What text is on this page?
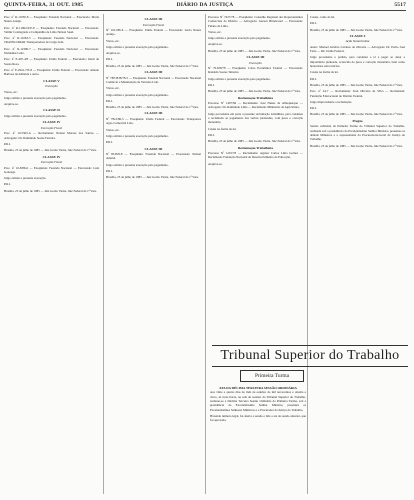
QUINTA-FEIRA, 31 OUT. 1985	DIÁRIO DA JUSTIÇA	5517

Proc. nº R-11050-8 — Exeqüente: Fazenda Nacional — Executado: Maria Neuza Araújo.

Proc. nº R-11062-9/E-8 — Exeqüente: Fazenda Nacional — Executado: Valmir Colalegrado e Companhia de Lidio Nelson Saud.

Proc. nº R-11063-5 — Exeqüente: Fazenda Nacional — Executado: TRANSCOMAR Transportadora de Carga Ltda.

Proc. nº R-12300-7 — Exeqüente: Fazenda Nacional — Executado: Waldemar Leite.

Proc. nº E-497-4/8 — Exeqüente: União Federal — Executado: Ianrir de Souza Rosa.

Proc. nº E-2941-7/E-8 — Exeqüente: União Federal — Executado: Amado Barbosa de Almeida e outro.

CLASSE V

Execução

Vistos, etc.

Julgo extinta a presente execução pelo pagamento.

Arquive-se.

CLASSE II

Julgo extinta a presente execução pelo pagamento.

CLASSE IV

Execução Fiscal

Proc. nº 10.5563-A — Reclamante: Nelson Moraes dos Santos — Advogado: Dr. Raimundo Souza Ferreira.

P.R.I.

Brasília, 25 de julho de 1985 — Juiz Gerdo Vieira, Juiz Federal da 1ª Vara.

CLASSE IV

Execução Fiscal

Proc. nº 16-8/86-6 — Exeqüente: Fazenda Nacional — Executado: Luiz Gonzaga.

Julgo extinta a presente execução.

P.R.I.

Brasília, 25 de julho de 1985 — Juiz Gerdo Vieira, Juiz Federal da 1ª Vara.

CLASSE III

Execução Fiscal

Nº 1611/86-6 — Exeqüente: União Federal — Executado: Lúcia Neuza Araújo.

Vistos, etc.

Julgo extinta a presente execução pelo pagamento.

Arquive-se.

P.R.I.

Brasília, 25 de julho de 1985 — Juiz Gerdo Vieira, Juiz Federal da 1ª Vara.

CLASSE III

Nº 7B7-B38/78-5 — Exeqüente: Fazenda Nacional — Executada: Nacional Comércio e Manutenção de Veículos Ltda.

Vistos, etc.

Julgo extinta a presente execução pelo pagamento.

P.R.I.

Brasília, 25 de julho de 1985 — Juiz Gerdo Vieira, Juiz Federal da 1ª Vara.

CLASSE III

Nº 7B-2/86-5 — Exeqüente: União Federal — Executado: Transportes Agro-Comercial Ltda.

Vistos, etc.

Julgo extinta a presente execução pelo pagamento.

P.R.I.

CLASSE III

Nº 83-B/8-8 — Exeqüente: Fazenda Nacional — Executado: Nelson Amaral.

Julgo extinta a presente execução pelo pagamento.

P.R.I.

Brasília, 25 de julho de 1985 — Juiz Gerdo Vieira, Juiz Federal da 1ª Vara.

Processo Nº 7427/78 — Exeqüente: Conselho Regional dos Representantes Comerciais do Distrito — Advogado: Gerson Bittencourt — Executado: Fulano de Lima.

Vistos, etc.

Julgo extinta a presente execução pelo pagamento.

Arquive-se.

Brasília, 25 de julho de 1985 — Juiz Gerdo Vieira, Juiz Federal da 1ª Vara.

CLASSE III

Execução

Nº 70.658/78 — Exeqüente: Caixa Econômica Federal — Executado: Ronaldo Soares Teixeira.

Julgo extinta a presente execução pelo pagamento.

P.R.I.

Brasília, 25 de julho de 1985 — Juiz Gerdo Vieira, Juiz Federal da 1ª Vara.

Reclamação Trabalhista

Processo Nº 1407/84 — Reclamante: José Nunes de Albuquerque — Advogado: Dr. Raimundo Lima — Reclamada: Ministério da Agricultura.

Julgo procedente em parte a presente reclamação trabalhista, para condenar a reclamada ao pagamento das verbas pleiteadas, com juros e correção monetária.

Custas na forma da lei.

P.R.I.

Brasília, 25 de julho de 1985 — Juiz Gerdo Vieira, Juiz Federal da 1ª Vara.

Reclamação Trabalhista

Processo Nº 1291/78 — Reclamante: Agenor Carlos Lima Gomes — Reclamada: Fundação Nacional de Desenvolvimento da Educação.

Arquive-se.

Custas, como de lei.

P.R.I.

Brasília, 25 de julho de 1985 — Juiz Gerdo Vieira, Juiz Federal da 1ª Vara.

CLASSE 4

Ação Sumaríssima

Autor: Manoel Alcebio Cardoso de Oliveira — Advogado: Dr. Pedro José Faria — Ré: União Federal.

Julgo procedente o pedido, para condenar a ré a pagar ao autor a importância pleiteada, acrescida de juros e correção monetária, bem como honorários advocatícios.

Custas na forma da lei.

P.R.I.

Brasília, 25 de julho de 1985 — Juiz Gerdo Vieira, Juiz Federal da 1ª Vara.

Proc. nº 24-7 — Reclamante: Ivan Oliveira da Silva — Reclamada: Fundação Educacional do Distrito Federal.

Julgo improcedente a reclamação.

P.R.I.

Brasília, 25 de julho de 1985 — Juiz Gerdo Vieira, Juiz Federal da 1ª Vara.

Pregão

Sessão ordinária da Primeira Turma do Tribunal Superior do Trabalho, realizada sob a presidência do Excelentíssimo Senhor Ministro, presentes os demais Ministros e o representante da Procuradoria-Geral da Justiça do Trabalho.

Brasília, 25 de julho de 1985 — Juiz Gerdo Vieira, Juiz Federal da 1ª Vara.

Tribunal Superior do Trabalho
Primeira Turma
ATA DA DÉCIMA TERCEIRA SESSÃO ORDINÁRIA

Aos vinte e quatro dias do mês de outubro de mil novecentos e oitenta e cinco, às treze horas, na sala de sessões do Tribunal Superior do Trabalho, realizou-se a Décima Terceira Sessão Ordinária da Primeira Turma, sob a presidência do Excelentíssimo Senhor Ministro, presentes os Excelentíssimos Senhores Ministros e o Procurador da Justiça do Trabalho.

Havendo número legal, foi aberta a sessão e lida a ata da sessão anterior, que foi aprovada.
